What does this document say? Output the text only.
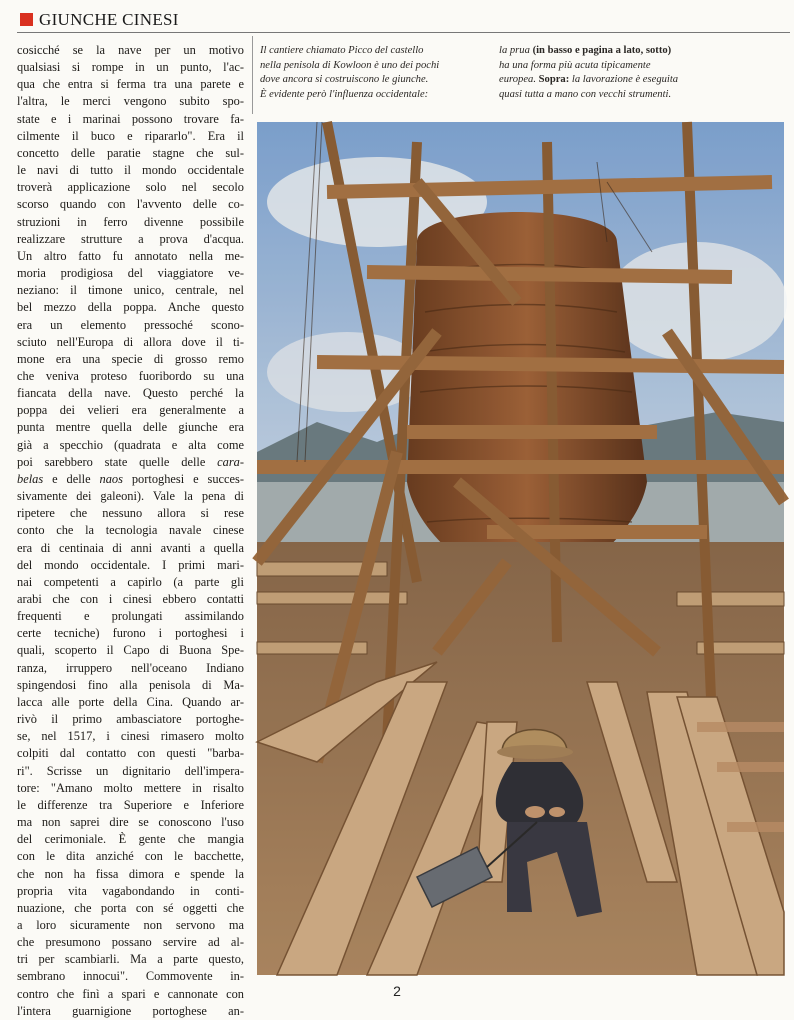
GIUNCHE CINESI
cosicché se la nave per un motivo
qualsiasi si rompe in un punto, l'ac-
qua che entra si ferma tra una parete e
l'altra, le merci vengono subito spo-
state e i marinai possono trovare fa-
cilmente il buco e ripararlo". Era il
concetto delle paratie stagne che sul-
le navi di tutto il mondo occidentale
troverà applicazione solo nel secolo
scorso quando con l'avvento delle co-
struzioni in ferro divenne possibile
realizzare strutture a prova d'acqua.
Un altro fatto fu annotato nella me-
moria prodigiosa del viaggiatore ve-
neziano: il timone unico, centrale, nel
bel mezzo della poppa. Anche questo
era un elemento pressoché scono-
sciuto nell'Europa di allora dove il ti-
mone era una specie di grosso remo
che veniva proteso fuoribordo su una
fiancata della nave. Questo perché la
poppa dei velieri era generalmente a
punta mentre quella delle giunche era
già a specchio (quadrata e alta come
poi sarebbero state quelle delle cara-
belas e delle naos portoghesi e succes-
sivamente dei galeoni). Vale la pena di
ripetere che nessuno allora si rese
conto che la tecnologia navale cinese
era di centinaia di anni avanti a quella
del mondo occidentale. I primi mari-
nai competenti a capirlo (a parte gli
arabi che con i cinesi ebbero contatti
frequenti e prolungati assimilando
certe tecniche) furono i portoghesi i
quali, scoperto il Capo di Buona Spe-
ranza, irruppero nell'oceano Indiano
spingendosi fino alla penisola di Ma-
lacca alle porte della Cina. Quando ar-
rivò il primo ambasciatore portoghe-
se, nel 1517, i cinesi rimasero molto
colpiti dal contatto con questi "barba-
ri". Scrisse un dignitario dell'impera-
tore: "Amano molto mettere in risalto
le differenze tra Superiore e Inferiore
ma non saprei dire se conoscono l'uso
del cerimoniale. È gente che mangia
con le dita anziché con le bacchette,
che non ha fissa dimora e spende la
propria vita vagabondando in conti-
nuazione, che porta con sé oggetti che
a loro sicuramente non servono ma
che presumono possano servire ad al-
tri per scambiarli. Ma a parte questo,
sembrano innocui". Commovente in-
contro che finì a spari e cannonate con
l'intera guarnigione portoghese an-
Il cantiere chiamato Picco del castello
nella penisola di Kowloon è uno dei pochi
dove ancora si costruiscono le giunche.
È evidente però l'influenza occidentale:
la prua (in basso e pagina a lato, sotto)
ha una forma più acuta tipicamente
europea. Sopra: la lavorazione è eseguita
quasi tutta a mano con vecchi strumenti.
2
